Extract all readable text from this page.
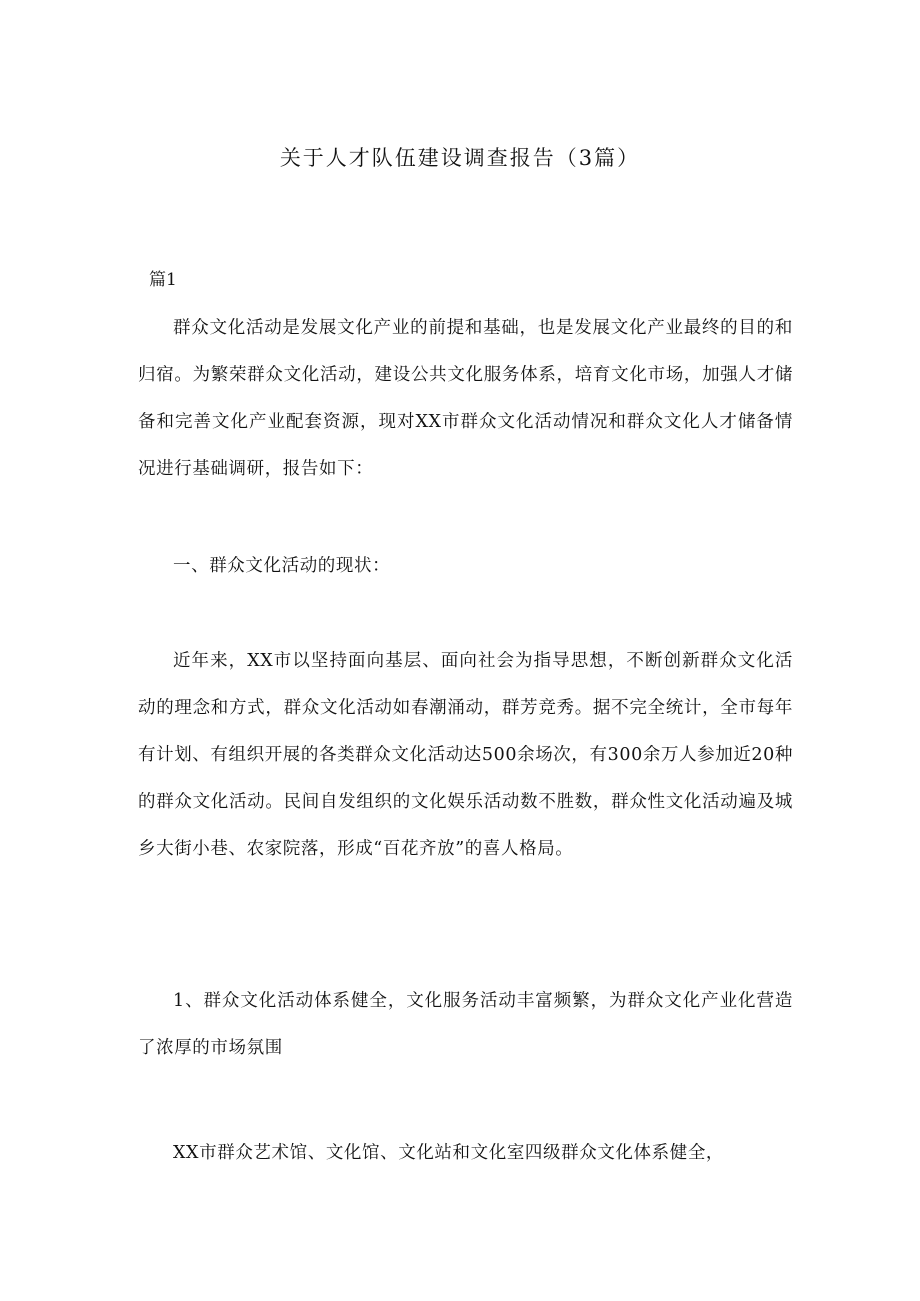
关于人才队伍建设调查报告（3篇）
篇1

群众文化活动是发展文化产业的前提和基础，也是发展文化产业最终的目的和归宿。为繁荣群众文化活动，建设公共文化服务体系，培育文化市场，加强人才储备和完善文化产业配套资源，现对XX市群众文化活动情况和群众文化人才储备情况进行基础调研，报告如下：

一、群众文化活动的现状：

近年来，XX市以坚持面向基层、面向社会为指导思想，不断创新群众文化活动的理念和方式，群众文化活动如春潮涌动，群芳竞秀。据不完全统计，全市每年有计划、有组织开展的各类群众文化活动达500余场次，有300余万人参加近20种的群众文化活动。民间自发组织的文化娱乐活动数不胜数，群众性文化活动遍及城乡大街小巷、农家院落，形成“百花齐放”的喜人格局。

1、群众文化活动体系健全，文化服务活动丰富频繁，为群众文化产业化营造了浓厚的市场氛围

XX市群众艺术馆、文化馆、文化站和文化室四级群众文化体系健全，
